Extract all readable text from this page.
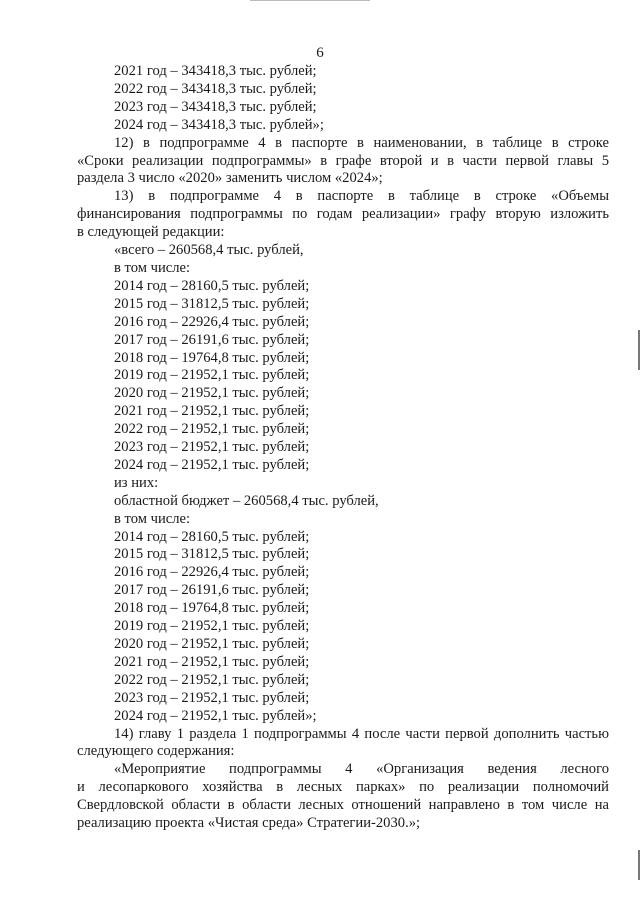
6

2021 год – 343418,3 тыс. рублей;

2022 год – 343418,3 тыс. рублей;

2023 год – 343418,3 тыс. рублей;

2024 год – 343418,3 тыс. рублей»;

12) в подпрограмме 4 в паспорте в наименовании, в таблице в строке
«Сроки реализации подпрограммы» в графе второй и в части первой главы 5
раздела 3 число «2020» заменить числом «2024»;
13) в подпрограмме 4 в паспорте в таблице в строке «Объемы
финансирования подпрограммы по годам реализации» графу вторую изложить
в следующей редакции:

«всего – 260568,4 тыс. рублей,

в том числе:

2014 год – 28160,5 тыс. рублей;

2015 год – 31812,5 тыс. рублей;

2016 год – 22926,4 тыс. рублей;

2017 год – 26191,6 тыс. рублей;

2018 год – 19764,8 тыс. рублей;

2019 год – 21952,1 тыс. рублей;

2020 год – 21952,1 тыс. рублей;

2021 год – 21952,1 тыс. рублей;

2022 год – 21952,1 тыс. рублей;

2023 год – 21952,1 тыс. рублей;

2024 год – 21952,1 тыс. рублей;

из них:

областной бюджет – 260568,4 тыс. рублей,

в том числе:

2014 год – 28160,5 тыс. рублей;

2015 год – 31812,5 тыс. рублей;

2016 год – 22926,4 тыс. рублей;

2017 год – 26191,6 тыс. рублей;

2018 год – 19764,8 тыс. рублей;

2019 год – 21952,1 тыс. рублей;

2020 год – 21952,1 тыс. рублей;

2021 год – 21952,1 тыс. рублей;

2022 год – 21952,1 тыс. рублей;

2023 год – 21952,1 тыс. рублей;

2024 год – 21952,1 тыс. рублей»;

14) главу 1 раздела 1 подпрограммы 4 после части первой дополнить частью
следующего содержания:
«Мероприятие подпрограммы 4 «Организация ведения лесного
и лесопаркового хозяйства в лесных парках» по реализации полномочий
Свердловской области в области лесных отношений направлено в том числе на
реализацию проекта «Чистая среда» Стратегии-2030.»;
